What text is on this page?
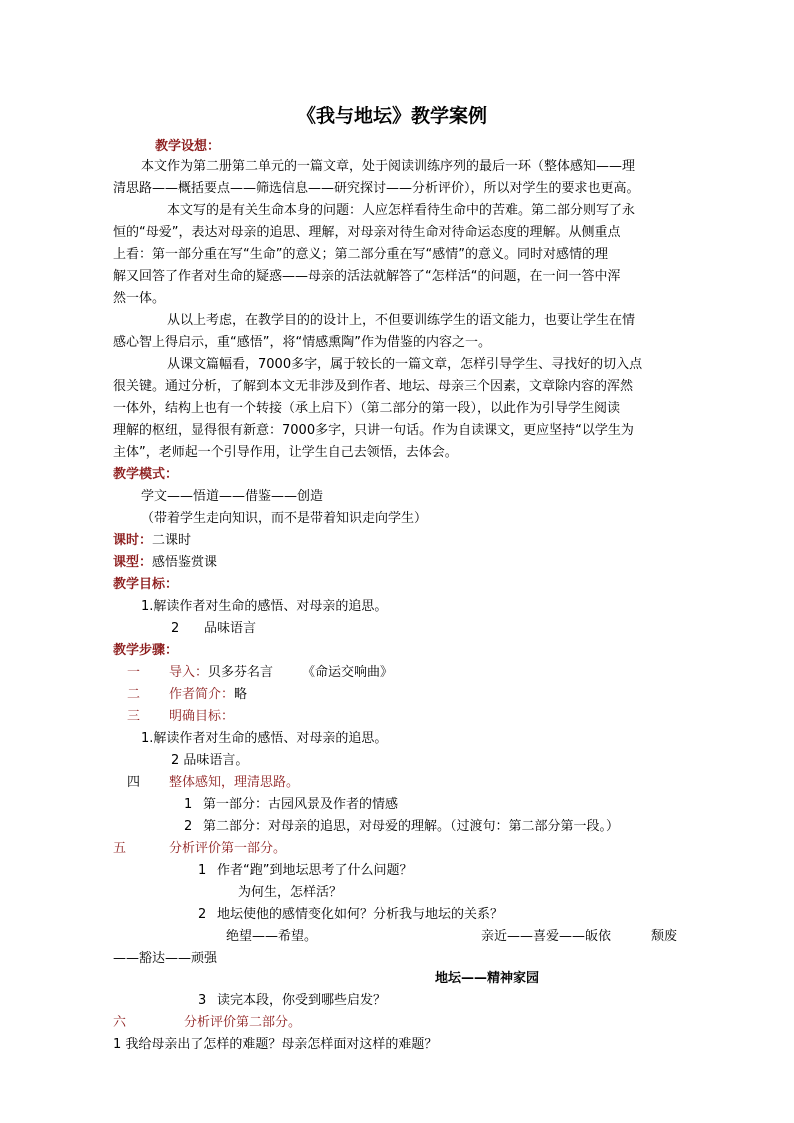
《我与地坛》教学案例
教学设想：
本文作为第二册第二单元的一篇文章，处于阅读训练序列的最后一环（整体感知——理
清思路——概括要点——筛选信息——研究探讨——分析评价），所以对学生的要求也更高。
本文写的是有关生命本身的问题：人应怎样看待生命中的苦难。第二部分则写了永
恒的“母爱”，表达对母亲的追思、理解，对母亲对待生命对待命运态度的理解。从侧重点
上看：第一部分重在写“生命”的意义；第二部分重在写“感情”的意义。同时对感情的理
解又回答了作者对生命的疑惑——母亲的活法就解答了“怎样活“的问题，在一问一答中浑
然一体。
从以上考虑，在教学目的的设计上，不但要训练学生的语文能力，也要让学生在情
感心智上得启示，重“感悟”，将“情感熏陶”作为借鉴的内容之一。
从课文篇幅看，7000多字，属于较长的一篇文章，怎样引导学生、寻找好的切入点
很关键。通过分析，了解到本文无非涉及到作者、地坛、母亲三个因素，文章除内容的浑然
一体外，结构上也有一个转接（承上启下）（第二部分的第一段），以此作为引导学生阅读
理解的枢纽，显得很有新意：7000多字，只讲一句话。作为自读课文，更应坚持“以学生为
主体”，老师起一个引导作用，让学生自己去领悟，去体会。
教学模式：
学文——悟道——借鉴——创造
（带着学生走向知识，而不是带着知识走向学生）
课时：二课时
课型：感悟鉴赏课
教学目标：
1.解读作者对生命的感悟、对母亲的追思。
2 品味语言
教学步骤：
一 导入：贝多芬名言 《命运交响曲》
二 作者简介：略
三 明确目标：
1.解读作者对生命的感悟、对母亲的追思。
2 品味语言。
四 整体感知，理清思路。
1 第一部分：古园风景及作者的情感
2 第二部分：对母亲的追思，对母爱的理解。（过渡句：第二部分第一段。）
五	分析评价第一部分。
1 作者“跑”到地坛思考了什么问题？
为何生，怎样活？
2 地坛使他的感情变化如何？分析我与地坛的关系？
绝望——希望。	亲近——喜爱——皈依	颓废
——豁达——顽强
地坛——精神家园
3 读完本段，你受到哪些启发？
六	分析评价第二部分。
1 我给母亲出了怎样的难题？母亲怎样面对这样的难题？
